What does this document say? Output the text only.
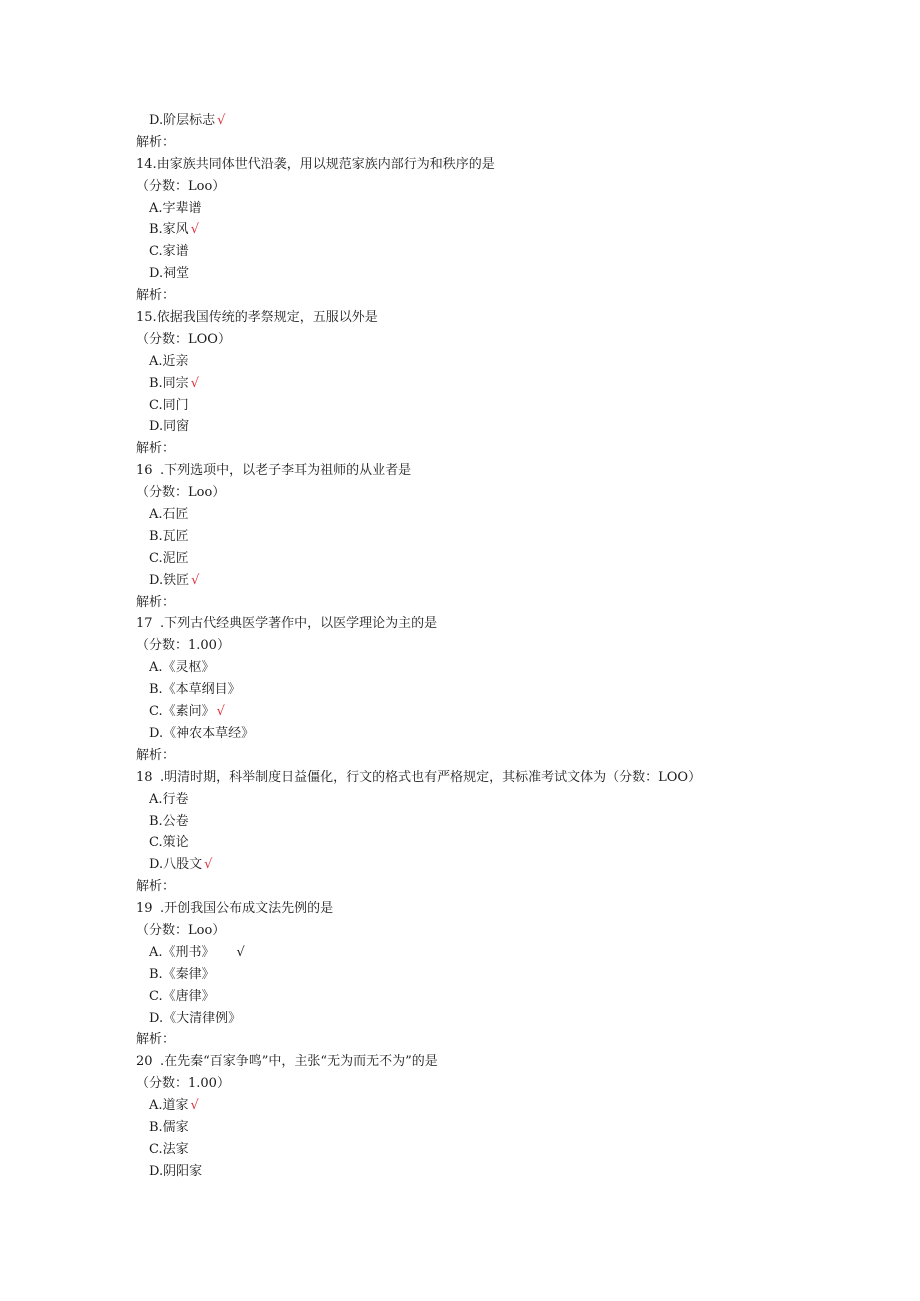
D.阶层标志 √
解析：
14.由家族共同体世代沿袭，用以规范家族内部行为和秩序的是
（分数：Loo）
A.字辈谱
B.家风 √
C.家谱
D.祠堂
解析：
15.依据我国传统的孝祭规定，五服以外是
（分数：LOO）
A.近亲
B.同宗 √
C.同门
D.同窗
解析：
16 .下列选项中，以老子李耳为祖师的从业者是
（分数：Loo）
A.石匠
B.瓦匠
C.泥匠
D.铁匠 √
解析：
17 .下列古代经典医学著作中，以医学理论为主的是
（分数：1.00）
A.《灵枢》
B.《本草纲目》
C.《素问》 √
D.《神农本草经》
解析：
18 .明清时期，科举制度日益僵化，行文的格式也有严格规定，其标准考试文体为（分数：LOO）
A.行卷
B.公卷
C.策论
D.八股文 √
解析：
19 .开创我国公布成文法先例的是
（分数：Loo）
A.《刑书》 √
B.《秦律》
C.《唐律》
D.《大清律例》
解析：
20 .在先秦“百家争鸣”中，主张“无为而无不为”的是
（分数：1.00）
A.道家 √
B.儒家
C.法家
D.阴阳家
